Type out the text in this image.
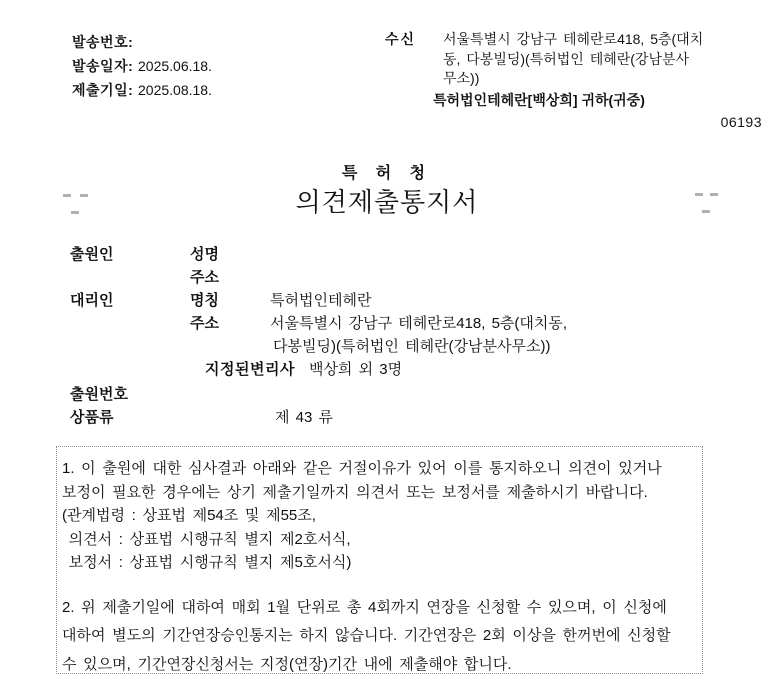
발송번호:
발송일자: 2025.06.18.
제출기일: 2025.08.18.
수신	서울특별시 강남구 테헤란로418, 5층(대치
동, 다봉빌딩)(특허법인 테헤란(강남분사
무소))
특허법인테헤란[백상희] 귀하(귀중)
06193
특 허 청
의견제출통지서
출원인	성명
주소
대리인	명칭	특허법인테헤란
주소	서울특별시 강남구 테헤란로418, 5층(대치동,
다봉빌딩)(특허법인 테헤란(강남분사무소))
지정된변리사 백상희 외 3명
출원번호
상품류	제 43 류
1. 이 출원에 대한 심사결과 아래와 같은 거절이유가 있어 이를 통지하오니 의견이 있거나
보정이 필요한 경우에는 상기 제출기일까지 의견서 또는 보정서를 제출하시기 바랍니다.
(관계법령 : 상표법 제54조 및 제55조,
의견서 : 상표법 시행규칙 별지 제2호서식,
보정서 : 상표법 시행규칙 별지 제5호서식)
2. 위 제출기일에 대하여 매회 1월 단위로 총 4회까지 연장을 신청할 수 있으며, 이 신청에
대하여 별도의 기간연장승인통지는 하지 않습니다. 기간연장은 2회 이상을 한꺼번에 신청할
수 있으며, 기간연장신청서는 지정(연장)기간 내에 제출해야 합니다.
